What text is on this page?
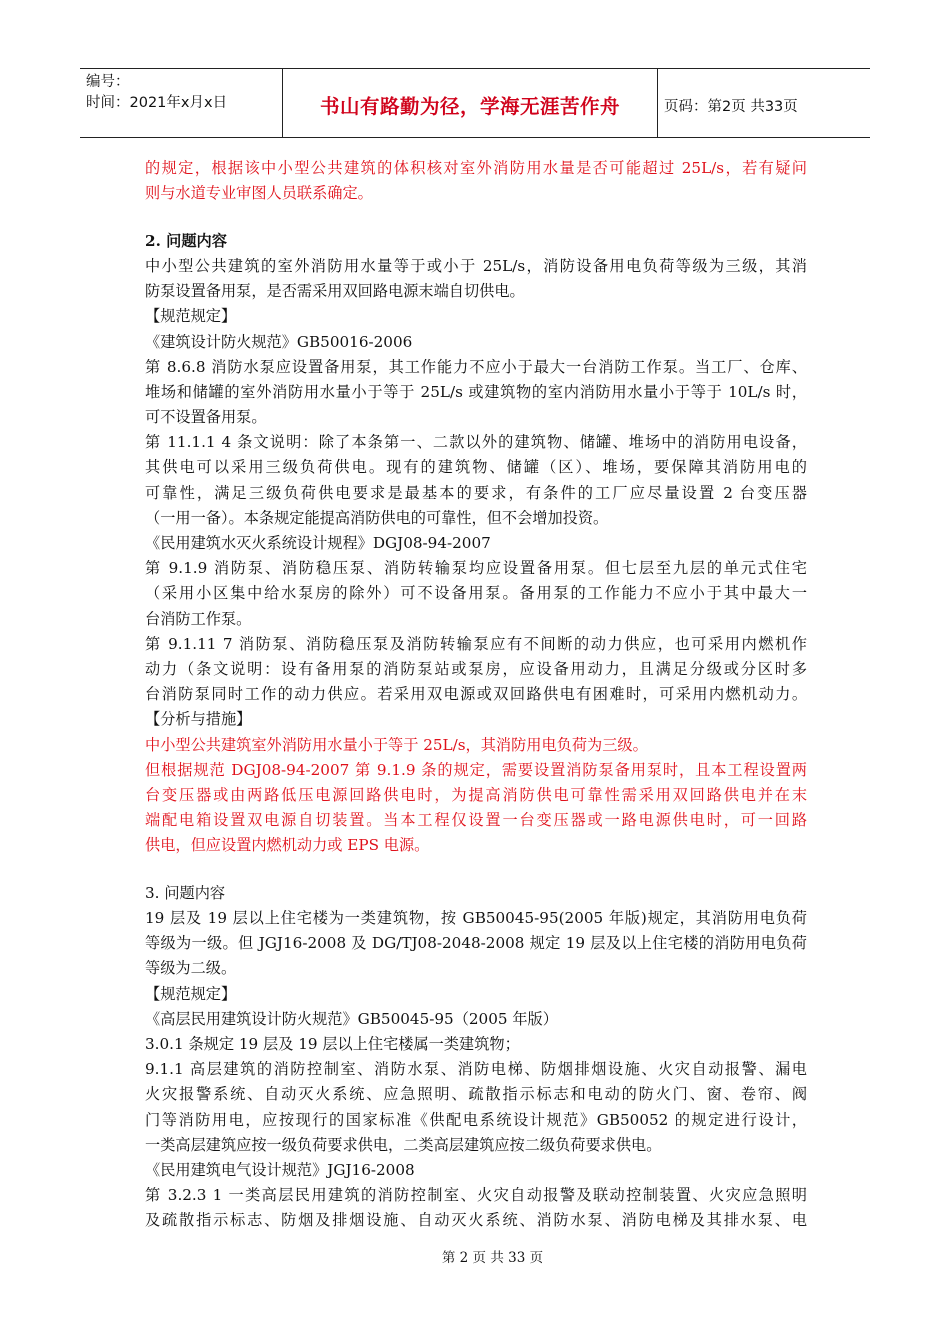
编号：
时间：2021年x月x日	书山有路勤为径，学海无涯苦作舟	页码：第2页 共33页
的规定，根据该中小型公共建筑的体积核对室外消防用水量是否可能超过 25L/s，若有疑问
则与水道专业审图人员联系确定。
2. 问题内容
中小型公共建筑的室外消防用水量等于或小于 25L/s，消防设备用电负荷等级为三级，其消
防泵设置备用泵，是否需采用双回路电源末端自切供电。
【规范规定】
《建筑设计防火规范》GB50016-2006
第 8.6.8 消防水泵应设置备用泵，其工作能力不应小于最大一台消防工作泵。当工厂、仓库、
堆场和储罐的室外消防用水量小于等于 25L/s 或建筑物的室内消防用水量小于等于 10L/s 时，
可不设置备用泵。
第 11.1.1 4 条文说明：除了本条第一、二款以外的建筑物、储罐、堆场中的消防用电设备，
其供电可以采用三级负荷供电。现有的建筑物、储罐（区）、堆场，要保障其消防用电的
可靠性，满足三级负荷供电要求是最基本的要求，有条件的工厂应尽量设置 2 台变压器
（一用一备）。本条规定能提高消防供电的可靠性，但不会增加投资。
《民用建筑水灭火系统设计规程》DGJ08-94-2007
第 9.1.9 消防泵、消防稳压泵、消防转输泵均应设置备用泵。但七层至九层的单元式住宅
（采用小区集中给水泵房的除外）可不设备用泵。备用泵的工作能力不应小于其中最大一
台消防工作泵。
第 9.1.11 7 消防泵、消防稳压泵及消防转输泵应有不间断的动力供应，也可采用内燃机作
动力（条文说明：设有备用泵的消防泵站或泵房，应设备用动力，且满足分级或分区时多
台消防泵同时工作的动力供应。若采用双电源或双回路供电有困难时，可采用内燃机动力。
【分析与措施】
中小型公共建筑室外消防用水量小于等于 25L/s，其消防用电负荷为三级。
但根据规范 DGJ08-94-2007 第 9.1.9 条的规定，需要设置消防泵备用泵时，且本工程设置两
台变压器或由两路低压电源回路供电时，为提高消防供电可靠性需采用双回路供电并在末
端配电箱设置双电源自切装置。当本工程仅设置一台变压器或一路电源供电时，可一回路
供电，但应设置内燃机动力或 EPS 电源。
3. 问题内容
19 层及 19 层以上住宅楼为一类建筑物，按 GB50045-95(2005 年版)规定，其消防用电负荷
等级为一级。但 JGJ16-2008 及 DG/TJ08-2048-2008 规定 19 层及以上住宅楼的消防用电负荷
等级为二级。
【规范规定】
《高层民用建筑设计防火规范》GB50045-95（2005 年版）
3.0.1 条规定 19 层及 19 层以上住宅楼属一类建筑物；
9.1.1 高层建筑的消防控制室、消防水泵、消防电梯、防烟排烟设施、火灾自动报警、漏电
火灾报警系统、自动灭火系统、应急照明、疏散指示标志和电动的防火门、窗、卷帘、阀
门等消防用电，应按现行的国家标准《供配电系统设计规范》GB50052 的规定进行设计，
一类高层建筑应按一级负荷要求供电，二类高层建筑应按二级负荷要求供电。
《民用建筑电气设计规范》JGJ16-2008
第 3.2.3 1 一类高层民用建筑的消防控制室、火灾自动报警及联动控制装置、火灾应急照明
及疏散指示标志、防烟及排烟设施、自动灭火系统、消防水泵、消防电梯及其排水泵、电
第 2 页 共 33 页
